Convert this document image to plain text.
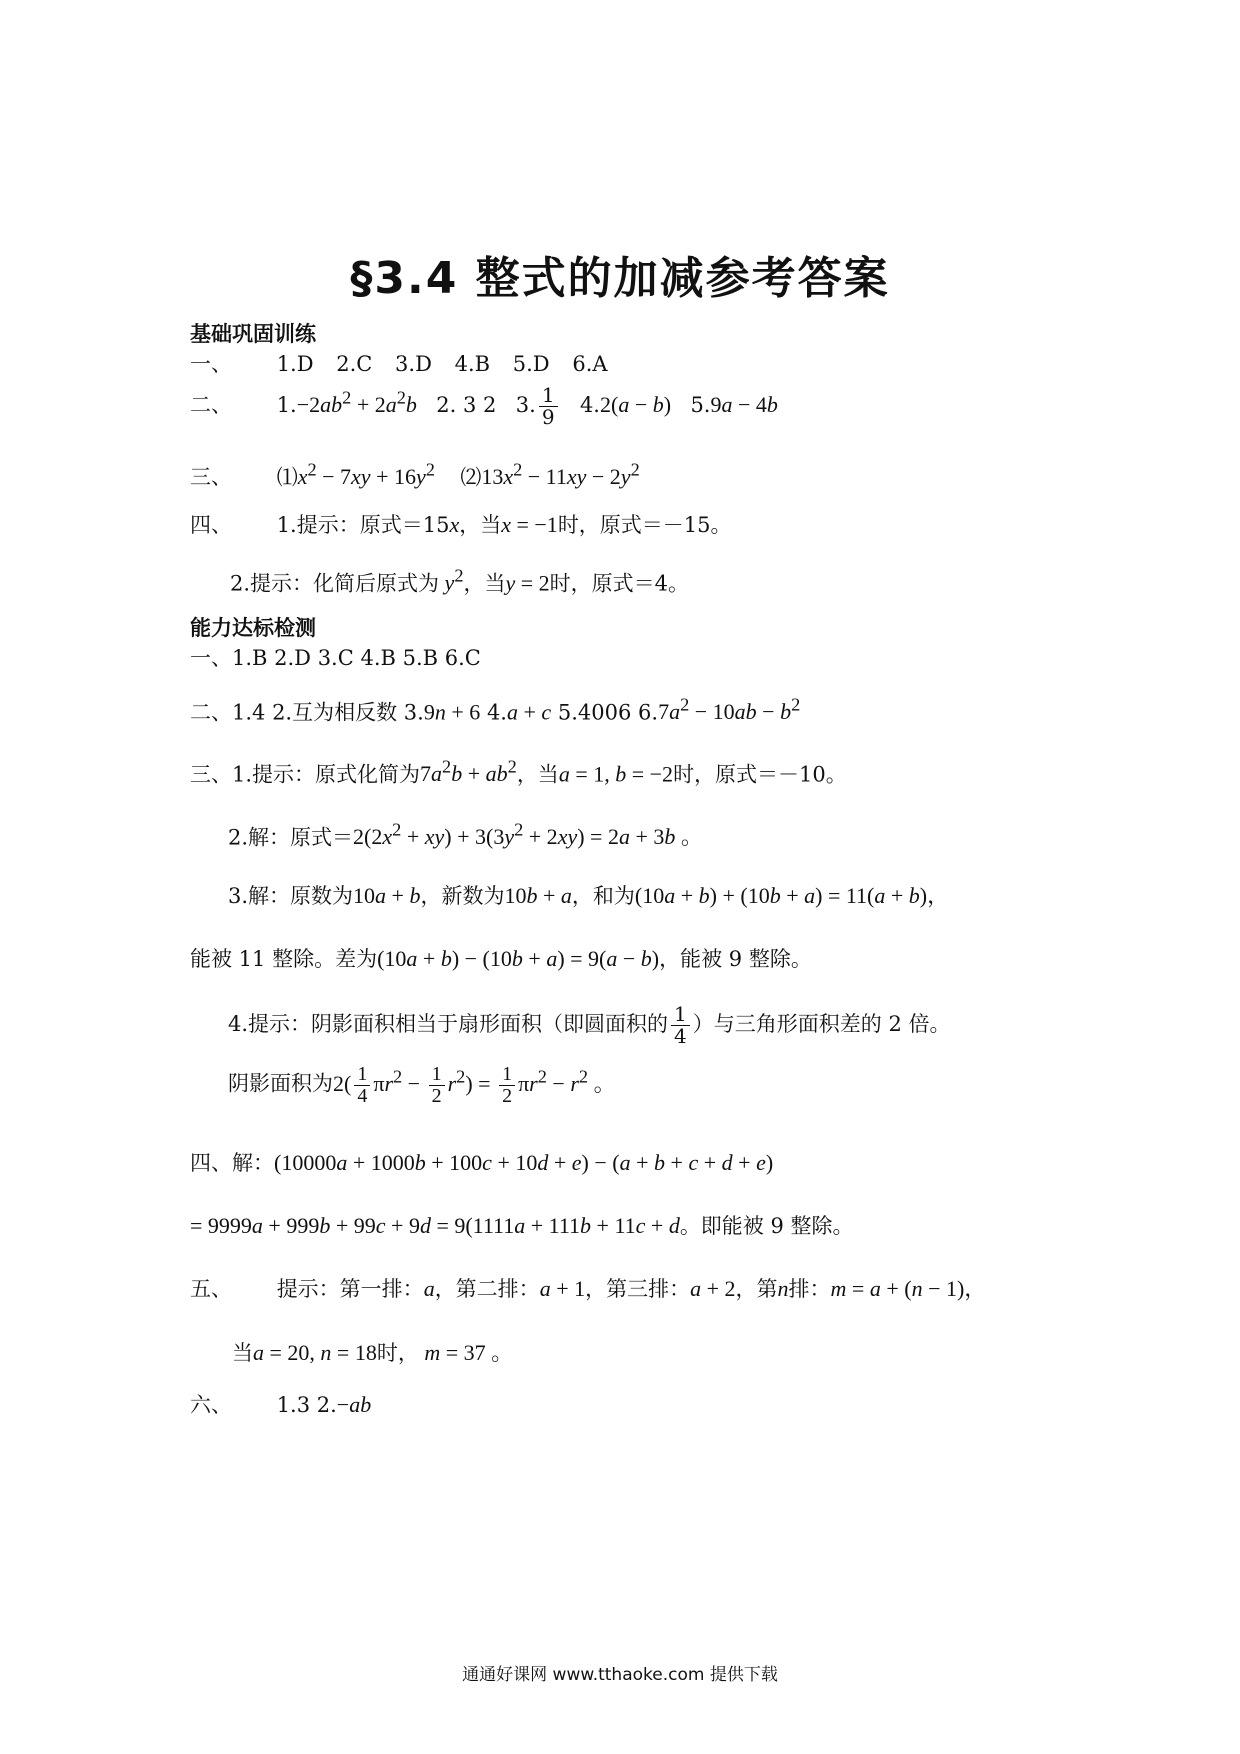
§3.4 整式的加减参考答案
基础巩固训练
一、 1.D 2.C 3.D 4.B 5.D 6.A
二、 $1.-2ab^2 + 2a^2b$ 2. 3 2 3. $\frac{1}{9} 4.2(a - b) 5.9a - 4b$
三、 $⑴x^2 - 7xy + 16y^2$ $⑵13x^2 - 11xy - 2y^2$
四、 1.提示：原式＝15x，当x = −1时，原式＝－15。
2.提示：化简后原式为 $y^2$，当y = 2时，原式＝4。
能力达标检测
一、1.B 2.D 3.C 4.B 5.B 6.C
二、1.4 2.互为相反数 3.9n + 6 4.a + c 5.4006 $6.7a^2 - 10ab - b^2$
三、1.提示：原式化简为$7a^2b + ab^2$，当a = 1, b = −2时，原式＝－10。
2.解：原式$=2(2x^2 + xy) + 3(3y^2 + 2xy) = 2a + 3b$ 。
3.解：原数为10a + b，新数为10b + a，和为(10a + b) + (10b + a) = 11(a + b)，
能被 11 整除。差为(10a + b) − (10b + a) = 9(a − b)，能被 9 整除。
4.提示：阴影面积相当于扇形面积（即圆面积的 $\frac{1}{4}$ ）与三角形面积差的 2 倍。
阴影面积为$2( \frac{1}{4} \pi r^2 - \frac{1}{2} r^2) = \frac{1}{2} \pi r^2 - r^2$ 。
四、解：(10000a + 1000b + 100c + 10d + e) − (a + b + c + d + e)
= 9999a + 999b + 99c + 9d = 9(1111a + 111b + 11c + d。即能被 9 整除。
五、 提示：第一排：a，第二排：a + 1，第三排：a + 2，第n排：m = a + (n − 1)，
当a = 20, n = 18时， m = 37 。
六、 1.3 2.−ab
通通好课网 www.tthaoke.com 提供下载
